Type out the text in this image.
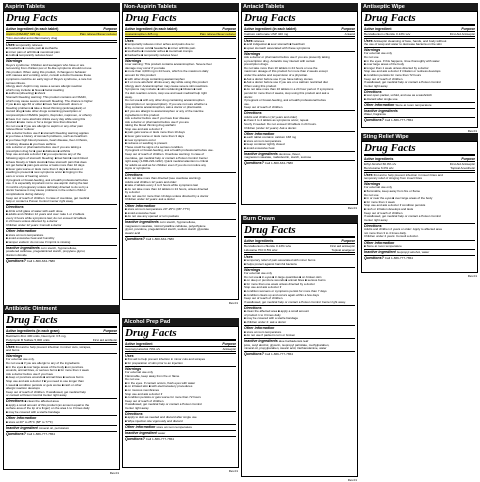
Aspirin Tablets
Drug Facts
Active ingredient (in each tablet)	Purpose
Aspirin (NSAID)* 325 mg	Pain reliever/Fever reducer
*Non-steroidal anti-inflammatory drug
Uses temporarily relieves
■ headache ■ muscle pain ■ toothache
■ minor pain of arthritis ■ menstrual pain
■ colds ■ temporarily reduces fever
Warnings
Reye's syndrome: Children and teenagers who have or are
recovering from chicken pox or flu-like symptoms should not use
this product. When using this product, if changes in behavior
with nausea and vomiting occur, consult a doctor because these
symptoms could be an early sign of Reye's syndrome, a rare but
serious illness.
Allergy alert: Aspirin may cause a severe allergic reaction
which may include: ■ hives ■ facial swelling
■ asthma (wheezing) ■ shock
Stomach bleeding warning: This product contains an NSAID,
which may cause severe stomach bleeding. The chance is higher
if you ■ are age 60 or older ■ have had stomach ulcers or
bleeding problems ■ take a blood thinning (anticoagulant) or
steroid drug ■ take other drugs containing prescription or
nonprescription NSAIDs (aspirin, ibuprofen, naproxen, or others)
■ have 3 or more alcoholic drinks every day while using this
product ■ take more or for a longer time than directed
Do not use ■ if you are allergic to aspirin or any other pain
reliever/fever reducer
Ask a doctor before use if ■ stomach bleeding warning applies
■ you have a history of stomach problems, such as heartburn
■ you have high blood pressure, heart disease, liver cirrhosis,
or kidney disease ■ you have asthma
Ask a doctor or pharmacist before use if you are taking a
prescription drug for ■ gout ■ diabetes ■ arthritis
Stop use and ask a doctor if ■ you experience any of the
following signs of stomach bleeding: ■ feel faint ■ vomit blood
■ have bloody or black stools ■ have stomach pain that does
not get better ■ pain gets worse or lasts more than 10 days
■ fever gets worse or lasts more than 3 days ■ redness or
swelling is present ■ new symptoms occur ■ ringing in the
ears or a loss of hearing occurs
If pregnant or breast-feeding, ask a health professional before
use. It is especially important not to use aspirin during the last
3 months of pregnancy unless definitely directed to do so by a
doctor because it may cause problems in the unborn child or
complications during delivery.
Keep out of reach of children. In case of overdose, get medical
help or contact a Poison Control Center right away.
Directions
■ drink a full glass of water with each dose
■ adults and children 12 years and over: take 1 or 2 tablets
every 4 hours while symptoms last; do not exceed 12 tablets
in 24 hours unless directed by a doctor
Children under 12 years: Consult a doctor
Other information
■ store at room temperature
■ avoid excessive heat and humidity
■ tamper evident: do not use if imprint is missing
Inactive ingredients corn starch, hypromellose,
powdered cellulose, pregelatinized starch, propylene glycol,
titanium dioxide
Questions? Call 1-800-634-7680
Antibiotic Ointment
Drug Facts
Active ingredients (in each gram)	Purpose
Bacitracin Zinc 400 units, Neomycin 3.5 mg,
Polymyxin B Sulfate 5,000 units	First aid antibiotic
Uses first aid to help prevent infection in minor cuts, scrapes,
and burns
Warnings
For external use only.
Do not use ■ if you are allergic to any of the ingredients
■ in the eyes ■ over large areas of the body ■ on puncture
wounds, animal bites, or serious burns ■ for more than 1 week
Ask a doctor before use if you have
■ deep or puncture wounds ■ animal bites ■ serious burns
Stop use and ask a doctor if ■ you need to use longer than
1 week ■ condition persists or gets worse ■ rash or other
allergic reaction develops
Keep out of reach of children. If swallowed, get medical help
or contact a Poison Control Center right away.
Directions ■ clean the affected area
■ apply a small amount of this product (an amount equal to the
surface area of the tip of a finger) on the area 1 to 3 times daily
■ may be covered with a sterile bandage
Other information
■ store at 20° to 25°C (68° to 77°F)
Inactive ingredient mineral oil, petrolatum
Questions? Call 1-866-777-7654
Rev.01
Non-Aspirin Tablets
Drug Facts
Active ingredient (in each tablet)	Purpose
Acetaminophen 325 mg	Pain reliever/fever reducer
Uses
■ temporarily relieves minor aches and pains due to:
■ the common cold ■ headache ■ minor arthritis pain
■ toothache ■ muscular aches ■ menstrual cramps
■ backache ■ temporarily reduces fever
Warnings
Liver warning: This product contains acetaminophen. Severe liver
damage may occur if you take
■ more than 4,000 mg in 24 hours, which is the maximum daily
amount for this product
■ with other drugs containing acetaminophen
■ 3 or more alcoholic drinks every day while using this product
Allergy alert: Acetaminophen may cause severe skin reactions.
Symptoms may include: ■ skin reddening ■ blisters ■ rash
If a skin reaction occurs, stop use and seek medical help right
away.
Do not use ■ with any other drug containing acetaminophen
(prescription or nonprescription). If you are not sure whether a
drug contains acetaminophen, ask a doctor or pharmacist.
■ if you are allergic to acetaminophen or any of the inactive
ingredients in this product
Ask a doctor before use if you have liver disease
Ask a doctor or pharmacist before use if you are
taking the blood thinning drug warfarin
Stop use and ask a doctor if
■ pain gets worse or lasts more than 10 days
■ fever gets worse or lasts more than 3 days
■ new symptoms occur
■ redness or swelling is present
These could be signs of a serious condition.
If pregnant or breast-feeding, ask a health professional before use.
Keep out of reach of children. Overdose warning: In case of
overdose, get medical help or contact a Poison Control Center
right away (1-800-222-1222). Quick medical attention is critical
for adults as well as for children even if you do not notice any
signs or symptoms.
Directions
■ do not take more than directed (see overdose warning)
Adults and children 12 years and older:
■ take 2 tablets every 4 to 6 hours while symptoms last
■ do not take more than 12 tablets in 24 hours, unless directed
by a doctor
■ do not use for more than 10 days unless directed by a doctor
Children under 12 years: ask a doctor
Other information
■ store at room temperature 20°-25°C (68°-77°F)
■ avoid excessive heat
■ do not use any opened or torn packets
Inactive ingredients corn starch, hypromellose,
magnesium stearate, microcrystalline cellulose, polyethylene
glycol, povidone, pregelatinized starch, sodium starch glycolate
stearic acid
Questions? Call 1-800-634-7680
Rev.01
Alcohol Prep Pad
Drug Facts
Active ingredient	Purpose
Isopropyl alcohol 70% v/v	Antiseptic
Uses
■ first aid to help prevent infection in minor cuts and scrapes
■ for preparation of skin prior to an injection
Warnings
For external use only
Flammable, keep away from fire or flame
Do not use
■ in the eyes. If contact occurs, flush eyes with water
■ on irritated skin ■ with electrocautery procedures
■ on mucous membranes
Stop use and ask a doctor if
■ condition persists or gets worse for more than 72 hours
Keep out of reach of children.
If swallowed, get medical help or contact a Poison Control
Center right away.
Directions
■ apply to skin as needed and discard after single use
■ Wipe injection site vigorously and discard
Other information store at room temperature
Inactive ingredient water
Questions? Call 1-866-777-7654
Rev.01
Antacid Tablets
Drug Facts
Active ingredient (in each tablet)	Purpose
Calcium carbonate USP 420 mg	Antacid
Uses relieves
■ acid indigestion ■ sour stomach ■ heartburn
■ upset stomach associated with these symptoms
Warnings
Ask a doctor or pharmacist before use if you are presently taking
a prescription drug. Antacids may interact with certain
prescription drugs.
Do not take more than 10 tablets in 24 hours or use the
maximum dosage of this product for more than 2 weeks except
under the advice and supervision of a physician.
■ Ask a doctor before use if you have kidney stones
■ Ask a doctor before use if you are on a calcium restricted diet
When using this product
■ do not take more than 10 tablets in a 24 hour period. If symptoms
persist for more than 2 weeks, stop using this product and ask a
doctor.
If pregnant or breast-feeding, ask a health professional before
use.
Keep out of reach of children.
Directions
Adults and children (12 years and older)
■ chew 2 to 4 tablets as symptoms occur, repeat
hourly if needed. Do not exceed 10 tablets in 24 hours.
Children (under 12 years): Ask a doctor.
Other information
■ each tablet contains: calcium 168 mg
■ store at room temperature
■ keep container tightly closed
■ avoid excessive heat
Inactive ingredients dextrose, flavor,
magnesium stearate, maltodextrin, starch, sucrose
Questions? Call 1-800-634-7680
Rev.01
Burn Cream
Drug Facts
Active ingredients	Purpose
Benzalkonium chloride 0.13% w/w	First aid antiseptic
Lidocaine HCl 0.5% w/w	Topical analgesic
Uses
■ temporary relief of pain associated with minor burns
■ helps protect against harmful bacteria
Warnings
For external use only
Do not use ■ in eyes ■ in large quantities ■ on broken skin
■ on deep or puncture wounds ■ animal bites ■ serious burns
■ for more than one week unless directed by a doctor
Stop use and ask a doctor if
■ condition worsens or symptoms persist for more than 7 days
■ condition clears up and occurs again within a few days
Keep out of reach of children.
If swallowed, get medical help or contact a Poison Control Center right away.
Directions
■ clean the affected area ■ apply a small amount
of product 1 to 3 times daily
■ may be covered with a sterile bandage
■ children under 2: ask a doctor
Other information
■ store at room temperature
■ do not use if packet is torn or broken
Inactive ingredients aloe barbadensis leaf
juice, cetyl alcohol, glycerin, isopropyl palmitate, methylparaben,
mineral oil, propylparaben, stearic acid, triethanolamine, water
Questions? Call 1-866-777-7654
Rev.01
Antiseptic Wipe
Drug Facts
Active ingredient	Purpose
Benzalkonium chloride 0.13% w/v	First Aid Antiseptic
Uses Antiseptic cleansing of face, hands, and body without
the use of soap and water to decrease bacteria on the skin
Warnings
For external use only
Do not use
■ in the eyes. If this happens, rinse thoroughly with water
■ over large areas of the body
■ longer than 1 week unless directed by a doctor
Stop use and ask a doctor if irritation or redness develops
■ condition persists for more than 72 hours
Keep out of reach of children.
If swallowed, get medical help or contact a Poison Control
Center right away.
Directions
■ tear open packet, unfold, and use as a washcloth
■ discard after single use
Other information Store at room temperature
Inactive ingredients
Water, fragrance
Questions? Call 1-866-777-7654
Rev.01
Sting Relief Wipe
Drug Facts
Active ingredients	Purpose
Ethyl Alcohol 60.0% v/v	First Aid Antiseptic
Benzocaine 6.0% w/v	Topical Anesthetic
Uses first aid to help prevent infection in insect bites and
temporary relief of stinging from insect bites
Warnings
For external use only
■ flammable, keep away from fire or flame
Do not use
■ in or near the eyes ■ over large areas of the body
■ for more than 1 week
Stop use and ask a doctor if condition persists
■ rash or irritation develops and lasts
Keep out of reach of children.
If swallowed, get medical help or contact a Poison Control
Center right away.
Directions
Adults and children 2 years or older: Apply to affected area
not more than 3 to 4 times daily.
Children under 2 years: Consult a doctor.
Other information
■ Store at room temperature
Inactive ingredient Isopropyl alcohol, water
Questions? Call 1-866-777-7654
Rev.01
